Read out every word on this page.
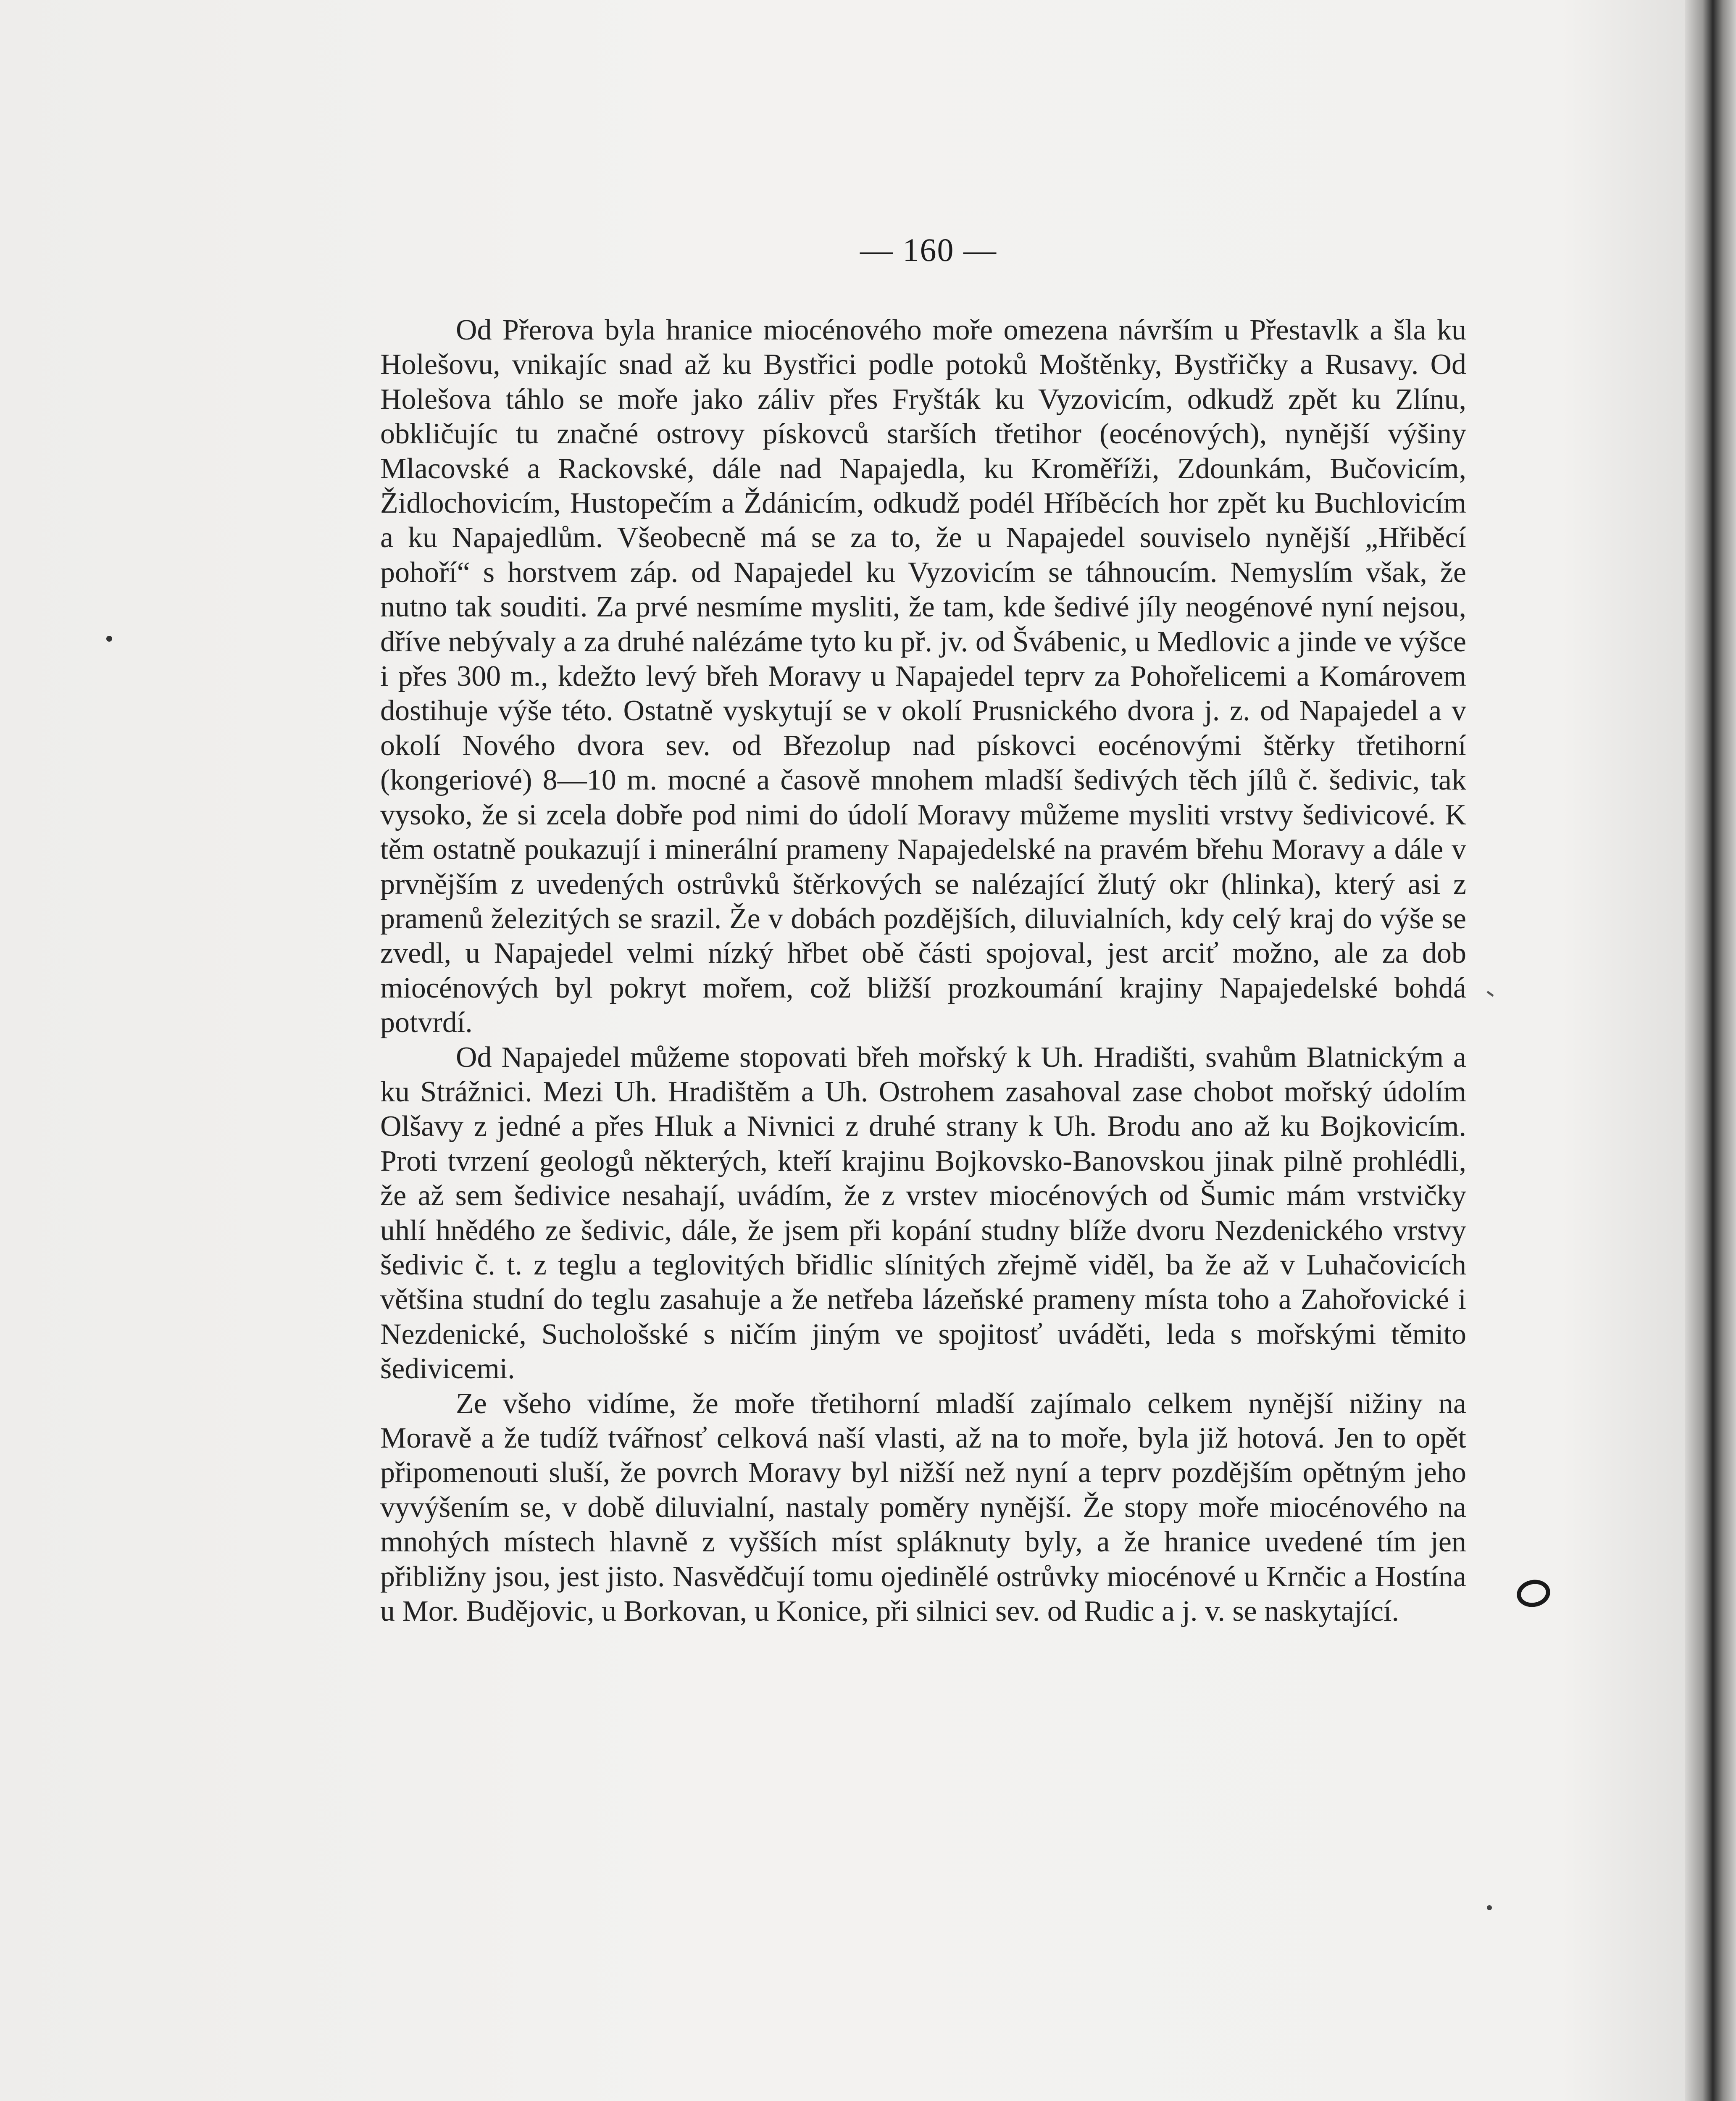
— 160 —

Od Přerova byla hranice miocénového moře omezena návrším u Přestavlk a šla ku Holešovu, vnikajíc snad až ku Bystřici podle potoků Moštěnky, Bystřičky a Rusavy. Od Holešova táhlo se moře jako záliv přes Fryšták ku Vyzovicím, odkudž zpět ku Zlínu, obkličujíc tu značné ostrovy pískovců starších třetihor (eocénových), nynější výšiny Mlacovské a Rackovské, dále nad Napajedla, ku Kroměříži, Zdounkám, Bučovicím, Židlochovicím, Hustopečím a Ždánicím, odkudž podél Hříběcích hor zpět ku Buchlovicím a ku Napajedlům. Všeobecně má se za to, že u Napajedel souviselo nynější „Hřiběcí pohoří“ s horstvem záp. od Napajedel ku Vyzovicím se táhnoucím. Nemyslím však, že nutno tak souditi. Za prvé nesmíme mysliti, že tam, kde šedivé jíly neogénové nyní nejsou, dříve nebývaly a za druhé nalézáme tyto ku př. jv. od Švábenic, u Medlovic a jinde ve výšce i přes 300 m., kdežto levý břeh Moravy u Napajedel teprv za Pohořelicemi a Komárovem dostihuje výše této. Ostatně vyskytují se v okolí Prusnického dvora j. z. od Napajedel a v okolí Nového dvora sev. od Březolup nad pískovci eocénovými štěrky třetihorní (kongeriové) 8—10 m. mocné a časově mnohem mladší šedivých těch jílů č. šedivic, tak vysoko, že si zcela dobře pod nimi do údolí Moravy můžeme mysliti vrstvy šedivicové. K těm ostatně poukazují i minerální prameny Napajedelské na pravém břehu Moravy a dále v prvnějším z uvedených ostrůvků štěrkových se nalézající žlutý okr (hlinka), který asi z pramenů železitých se srazil. Že v dobách pozdějších, diluvialních, kdy celý kraj do výše se zvedl, u Napajedel velmi nízký hřbet obě části spojoval, jest arciť možno, ale za dob miocénových byl pokryt mořem, což bližší prozkoumání krajiny Napajedelské bohdá potvrdí.

Od Napajedel můžeme stopovati břeh mořský k Uh. Hradišti, svahům Blatnickým a ku Strážnici. Mezi Uh. Hradištěm a Uh. Ostrohem zasahoval zase chobot mořský údolím Olšavy z jedné a přes Hluk a Nivnici z druhé strany k Uh. Brodu ano až ku Bojkovicím. Proti tvrzení geologů některých, kteří krajinu Bojkovsko-Banovskou jinak pilně prohlédli, že až sem šedivice nesahají, uvádím, že z vrstev miocénových od Šumic mám vrstvičky uhlí hnědého ze šedivic, dále, že jsem při kopání studny blíže dvoru Nezdenického vrstvy šedivic č. t. z teglu a teglovitých břidlic slínitých zřejmě viděl, ba že až v Luhačovicích většina studní do teglu zasahuje a že netřeba lázeňské prameny místa toho a Zahořovické i Nezdenické, Suchološské s ničím jiným ve spojitosť uváděti, leda s mořskými těmito šedivicemi.

Ze všeho vidíme, že moře třetihorní mladší zajímalo celkem nynější nižiny na Moravě a že tudíž tvářnosť celková naší vlasti, až na to moře, byla již hotová. Jen to opět připomenouti sluší, že povrch Moravy byl nižší než nyní a teprv pozdějším opětným jeho vyvýšením se, v době diluvialní, nastaly poměry nynější. Že stopy moře miocénového na mnohých místech hlavně z vyšších míst spláknuty byly, a že hranice uvedené tím jen přibližny jsou, jest jisto. Nasvědčují tomu ojedinělé ostrůvky miocénové u Krnčic a Hostína u Mor. Budějovic, u Borkovan, u Konice, při silnici sev. od Rudic a j. v. se naskytající.
